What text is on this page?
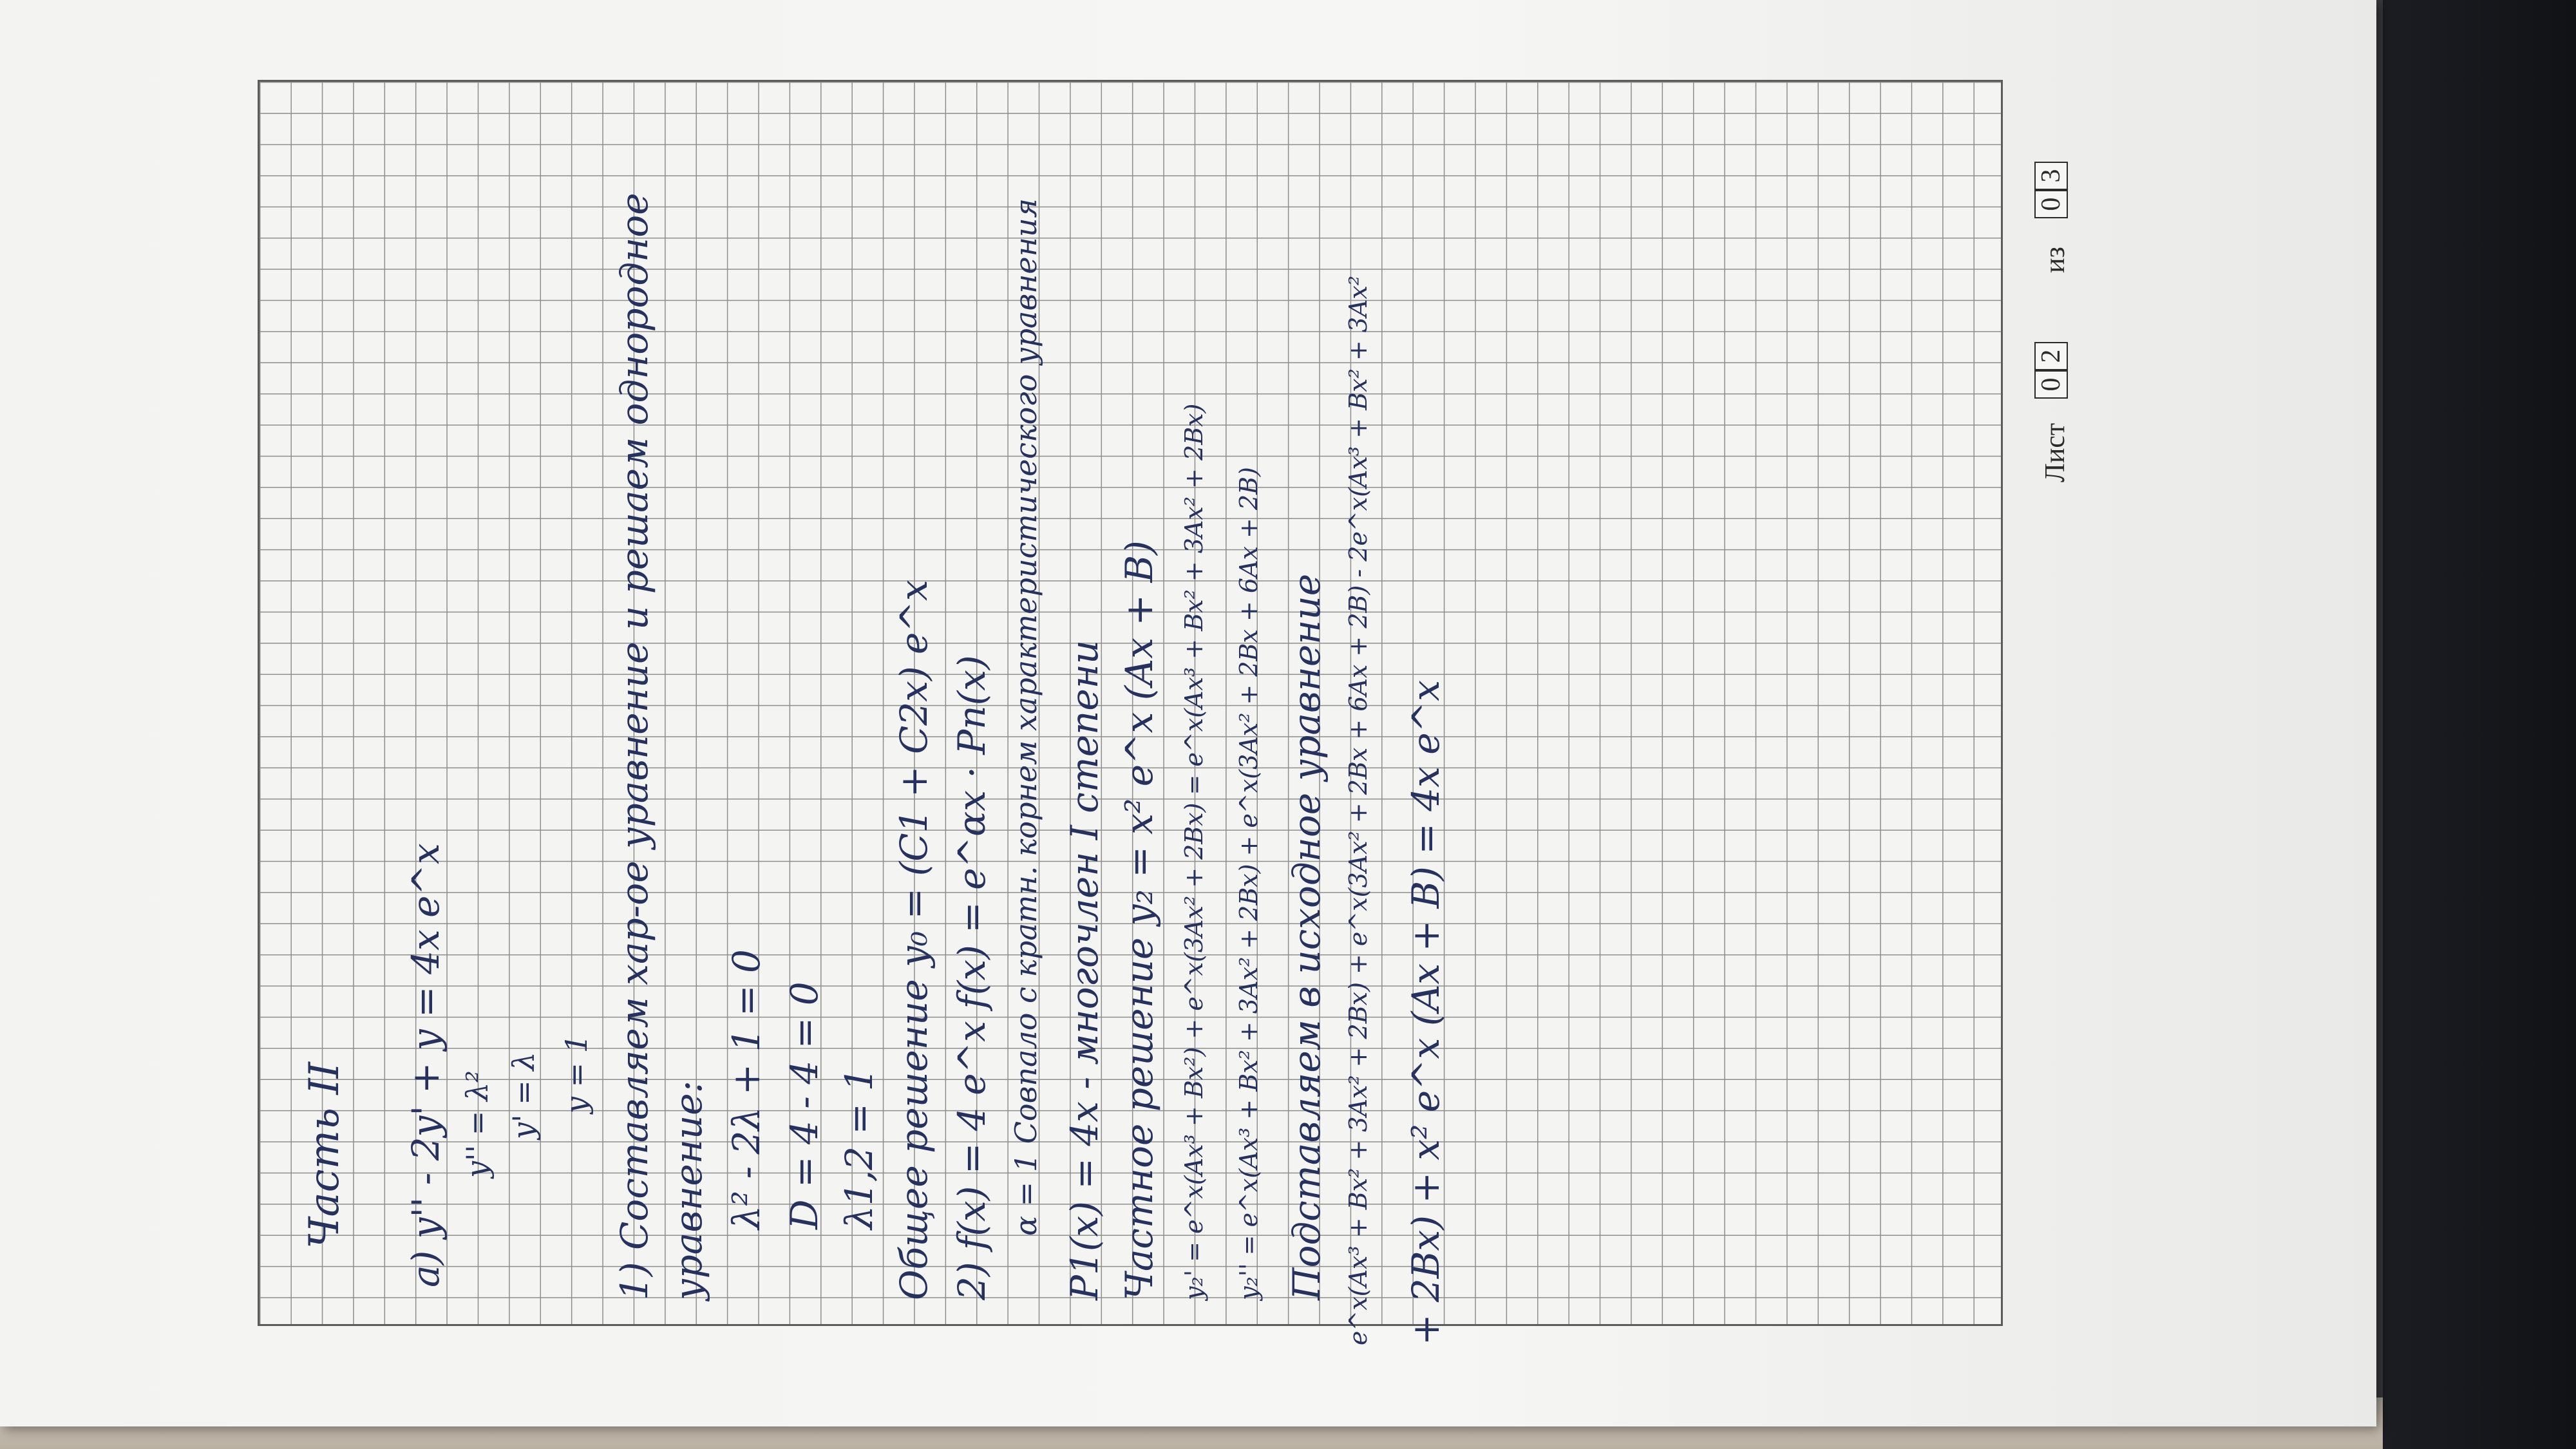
Часть II а) y'' - 2y' + y = 4x e^x y'' = λ² y' = λ y = 1 1) Составляем хар-ое уравнение и решаем однородное уравнение: λ² - 2λ + 1 = 0 D = 4 - 4 = 0 λ1,2 = 1 Общее решение y₀ = (C1 + C2x) e^x 2) f(x) = 4 e^x f(x) = e^αx · Pn(x) α = 1 Совпало с кратн. корнем характеристического уравнения P1(x) = 4x - многочлен I степени Частное решение y₂ = x² e^x (Ax + B) y₂' = e^x(Ax³ + Bx²) + e^x(3Ax² + 2Bx) = e^x(Ax³ + Bx² + 3Ax² + 2Bx) y₂'' = e^x(Ax³ + Bx² + 3Ax² + 2Bx) + e^x(3Ax² + 2Bx + 6Ax + 2B) Подставляем в исходное уравнение e^x(Ax³ + Bx² + 3Ax² + 2Bx) + e^x(3Ax² + 2Bx + 6Ax + 2B) - 2e^x(Ax³ + Bx² + 3Ax² + 2Bx) + x² e^x (Ax + B) = 4x e^x
Лист
0
2
из
0
3
